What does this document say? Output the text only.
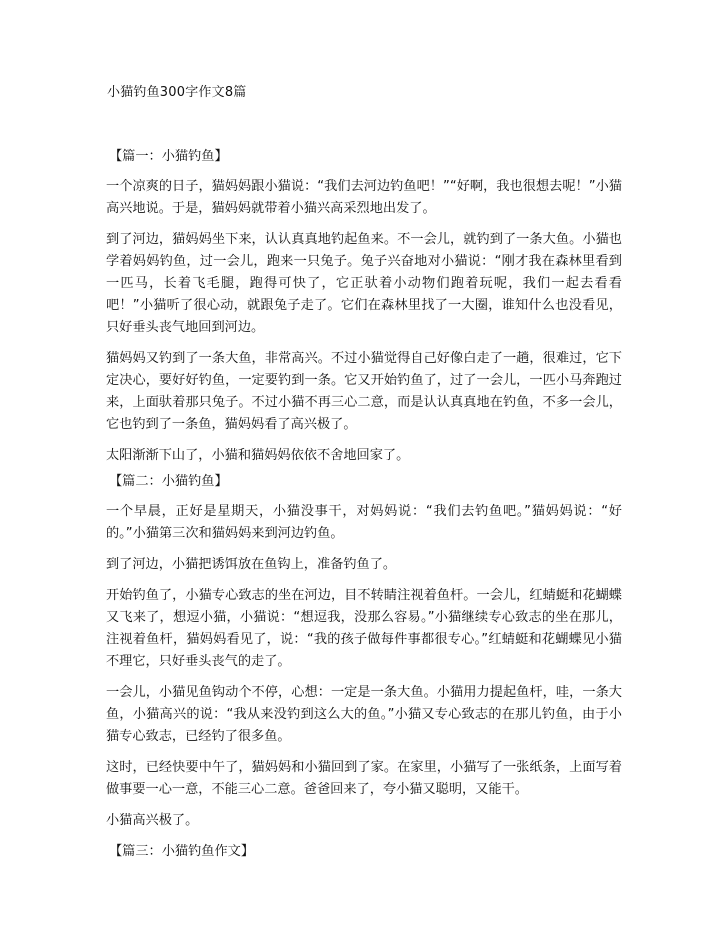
小猫钓鱼300字作文8篇

【篇一：小猫钓鱼】

一个凉爽的日子，猫妈妈跟小猫说：“我们去河边钓鱼吧！”“好啊，我也很想去呢！”小猫高兴地说。于是，猫妈妈就带着小猫兴高采烈地出发了。

到了河边，猫妈妈坐下来，认认真真地钓起鱼来。不一会儿，就钓到了一条大鱼。小猫也学着妈妈钓鱼，过一会儿，跑来一只兔子。兔子兴奋地对小猫说：“刚才我在森林里看到一匹马，长着飞毛腿，跑得可快了，它正驮着小动物们跑着玩呢，我们一起去看看吧！”小猫听了很心动，就跟兔子走了。它们在森林里找了一大圈，谁知什么也没看见，只好垂头丧气地回到河边。

猫妈妈又钓到了一条大鱼，非常高兴。不过小猫觉得自己好像白走了一趟，很难过，它下定决心，要好好钓鱼，一定要钓到一条。它又开始钓鱼了，过了一会儿，一匹小马奔跑过来，上面驮着那只兔子。不过小猫不再三心二意，而是认认真真地在钓鱼，不多一会儿，它也钓到了一条鱼，猫妈妈看了高兴极了。

太阳渐渐下山了，小猫和猫妈妈依依不舍地回家了。

【篇二：小猫钓鱼】

一个早晨，正好是星期天，小猫没事干，对妈妈说：“我们去钓鱼吧。”猫妈妈说：“好的。”小猫第三次和猫妈妈来到河边钓鱼。

到了河边，小猫把诱饵放在鱼钩上，准备钓鱼了。

开始钓鱼了，小猫专心致志的坐在河边，目不转睛注视着鱼杆。一会儿，红蜻蜓和花蝴蝶又飞来了，想逗小猫，小猫说：“想逗我，没那么容易。”小猫继续专心致志的坐在那儿，注视着鱼杆，猫妈妈看见了，说：“我的孩子做每件事都很专心。”红蜻蜓和花蝴蝶见小猫不理它，只好垂头丧气的走了。

一会儿，小猫见鱼钩动个不停，心想：一定是一条大鱼。小猫用力提起鱼杆，哇，一条大鱼，小猫高兴的说：“我从来没钓到这么大的鱼。”小猫又专心致志的在那儿钓鱼，由于小猫专心致志，已经钓了很多鱼。

这时，已经快要中午了，猫妈妈和小猫回到了家。在家里，小猫写了一张纸条，上面写着做事要一心一意，不能三心二意。爸爸回来了，夸小猫又聪明，又能干。

小猫高兴极了。

【篇三：小猫钓鱼作文】
